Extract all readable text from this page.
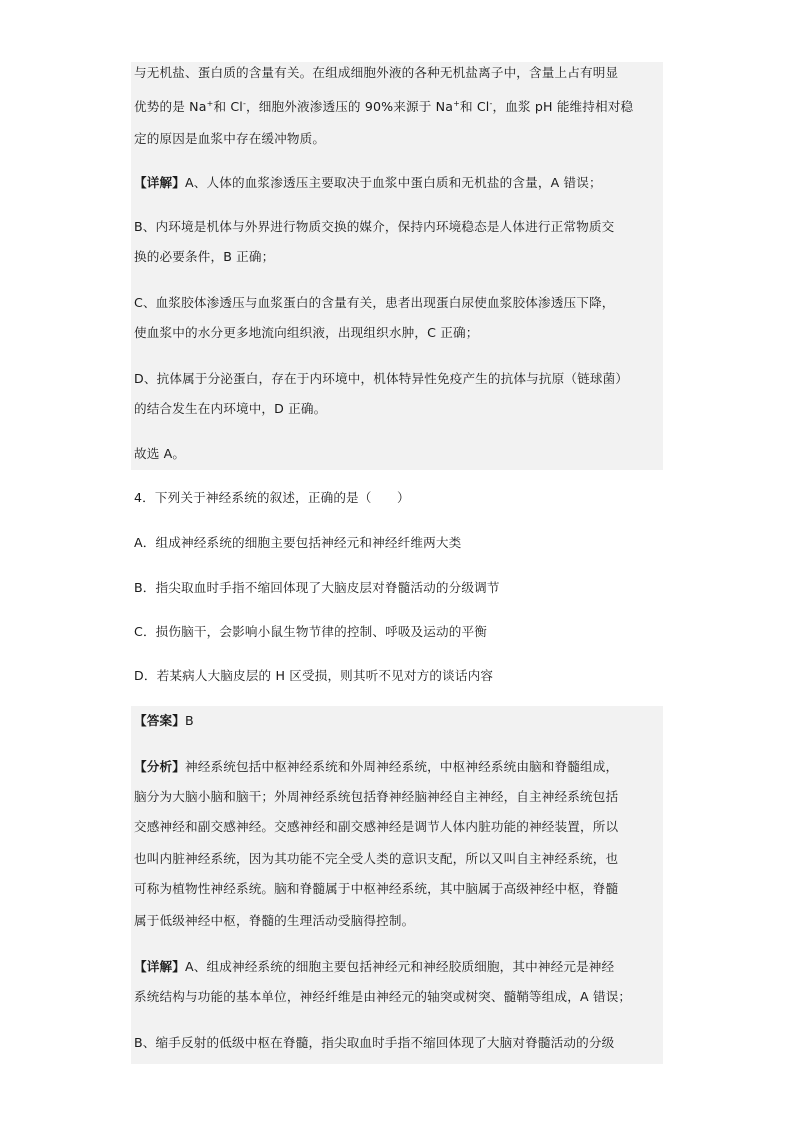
与无机盐、蛋白质的含量有关。在组成细胞外液的各种无机盐离子中，含量上占有明显
优势的是 Na+和 Cl-，细胞外液渗透压的 90%来源于 Na+和 Cl-，血浆 pH 能维持相对稳
定的原因是血浆中存在缓冲物质。
【详解】A、人体的血浆渗透压主要取决于血浆中蛋白质和无机盐的含量，A 错误；
B、内环境是机体与外界进行物质交换的媒介，保持内环境稳态是人体进行正常物质交
换的必要条件，B 正确；
C、血浆胶体渗透压与血浆蛋白的含量有关，患者出现蛋白尿使血浆胶体渗透压下降，
使血浆中的水分更多地流向组织液，出现组织水肿，C 正确；
D、抗体属于分泌蛋白，存在于内环境中，机体特异性免疫产生的抗体与抗原（链球菌）
的结合发生在内环境中，D 正确。
故选 A。
4．下列关于神经系统的叙述，正确的是（　　）
A．组成神经系统的细胞主要包括神经元和神经纤维两大类
B．指尖取血时手指不缩回体现了大脑皮层对脊髓活动的分级调节
C．损伤脑干，会影响小鼠生物节律的控制、呼吸及运动的平衡
D．若某病人大脑皮层的 H 区受损，则其听不见对方的谈话内容
【答案】B
【分析】神经系统包括中枢神经系统和外周神经系统，中枢神经系统由脑和脊髓组成，
脑分为大脑小脑和脑干；外周神经系统包括脊神经脑神经自主神经，自主神经系统包括
交感神经和副交感神经。交感神经和副交感神经是调节人体内脏功能的神经装置，所以
也叫内脏神经系统，因为其功能不完全受人类的意识支配，所以又叫自主神经系统，也
可称为植物性神经系统。脑和脊髓属于中枢神经系统，其中脑属于高级神经中枢，脊髓
属于低级神经中枢，脊髓的生理活动受脑得控制。
【详解】A、组成神经系统的细胞主要包括神经元和神经胶质细胞，其中神经元是神经
系统结构与功能的基本单位，神经纤维是由神经元的轴突或树突、髓鞘等组成，A 错误；
B、缩手反射的低级中枢在脊髓，指尖取血时手指不缩回体现了大脑对脊髓活动的分级
